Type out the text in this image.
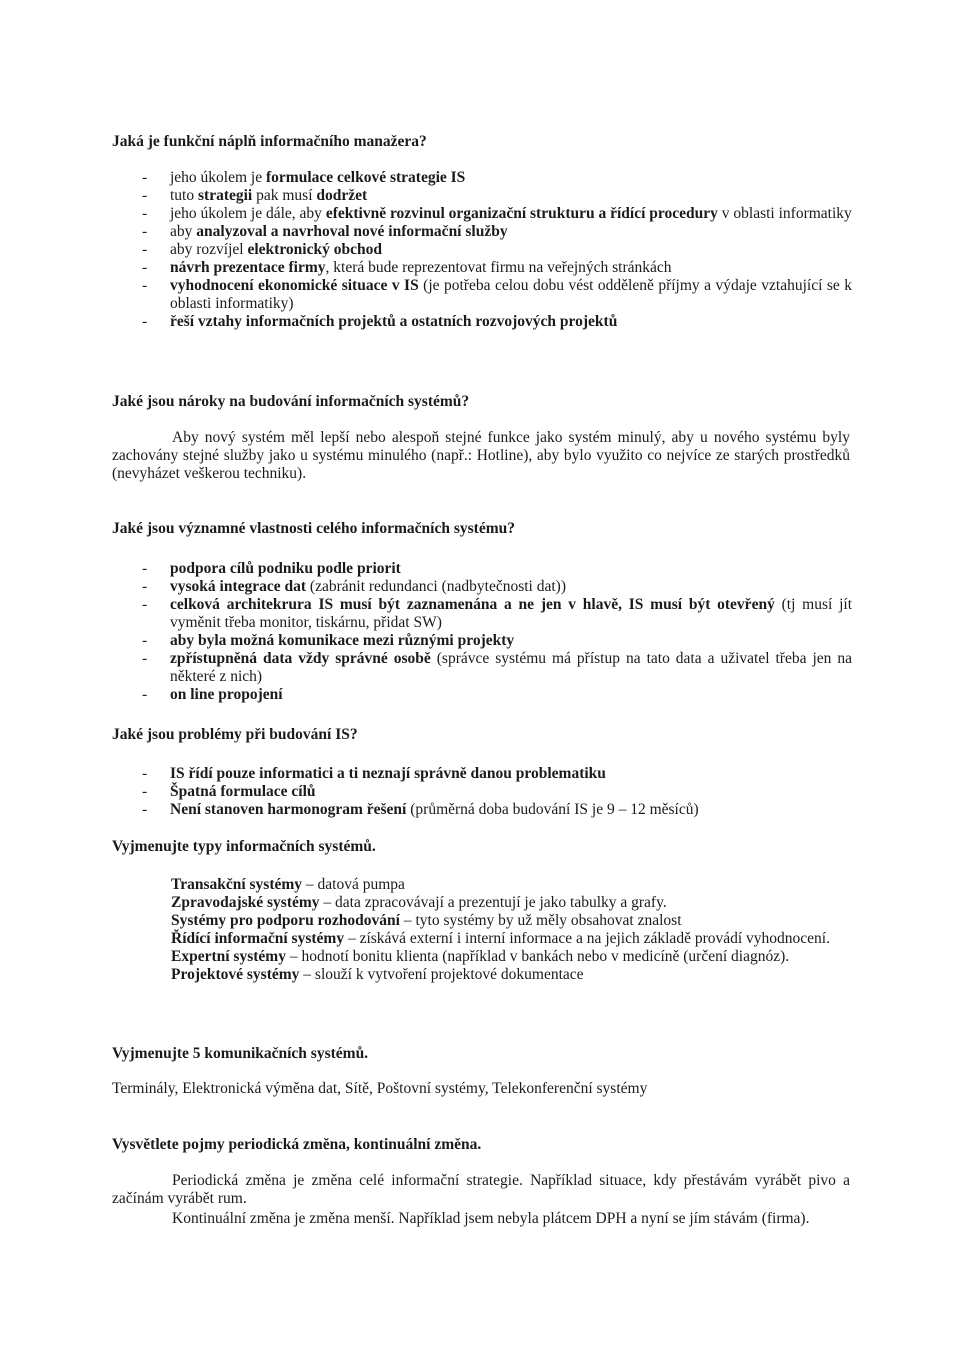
Jaká je funkční náplň informačního manažera?
- jeho úkolem je formulace celkové strategie IS
- tuto strategii pak musí dodržet
- jeho úkolem je dále, aby efektivně rozvinul organizační strukturu a řídící procedury v oblasti informatiky
- aby analyzoval a navrhoval nové informační služby
- aby rozvíjel elektronický obchod
- návrh prezentace firmy, která bude reprezentovat firmu na veřejných stránkách
- vyhodnocení ekonomické situace v IS (je potřeba celou dobu vést odděleně příjmy a výdaje vztahující se k oblasti informatiky)
- řeší vztahy informačních projektů a ostatních rozvojových projektů
Jaké jsou nároky na budování informačních systémů?
Aby nový systém měl lepší nebo alespoň stejné funkce jako systém minulý, aby u nového systému byly zachovány stejné služby jako u systému minulého (např.: Hotline), aby bylo využito co nejvíce ze starých prostředků (nevyházet veškerou techniku).
Jaké jsou významné vlastnosti celého informačních systému?
- podpora cílů podniku podle priorit
- vysoká integrace dat (zabránit redundanci (nadbytečnosti dat))
- celková architekrura IS musí být zaznamenána a ne jen v hlavě, IS musí být otevřený (tj musí jít vyměnit třeba monitor, tiskárnu, přidat SW)
- aby byla možná komunikace mezi různými projekty
- zpřístupněná data vždy správné osobě (správce systému má přístup na tato data a uživatel třeba jen na některé z nich)
- on line propojení
Jaké jsou problémy při budování IS?
- IS řídí pouze informatici a ti neznají správně danou problematiku
- Špatná formulace cílů
- Není stanoven harmonogram řešení (průměrná doba budování IS je 9 – 12 měsíců)
Vyjmenujte typy informačních systémů.
Transakční systémy – datová pumpa
Zpravodajské systémy – data zpracovávají a prezentují je jako tabulky a grafy.
Systémy pro podporu rozhodování – tyto systémy by už měly obsahovat znalost
Řídící informační systémy – získává externí i interní informace a na jejich základě provádí vyhodnocení.
Expertní systémy – hodnotí bonitu klienta (například v bankách nebo v medicíně (určení diagnóz).
Projektové systémy – slouží k vytvoření projektové dokumentace
Vyjmenujte 5 komunikačních systémů.
Terminály, Elektronická výměna dat, Sítě, Poštovní systémy, Telekonferenční systémy
Vysvětlete pojmy periodická změna, kontinuální změna.
Periodická změna je změna celé informační strategie. Například situace, kdy přestávám vyrábět pivo a začínám vyrábět rum.
Kontinuální změna je změna menší. Například jsem nebyla plátcem DPH a nyní se jím stávám (firma).
